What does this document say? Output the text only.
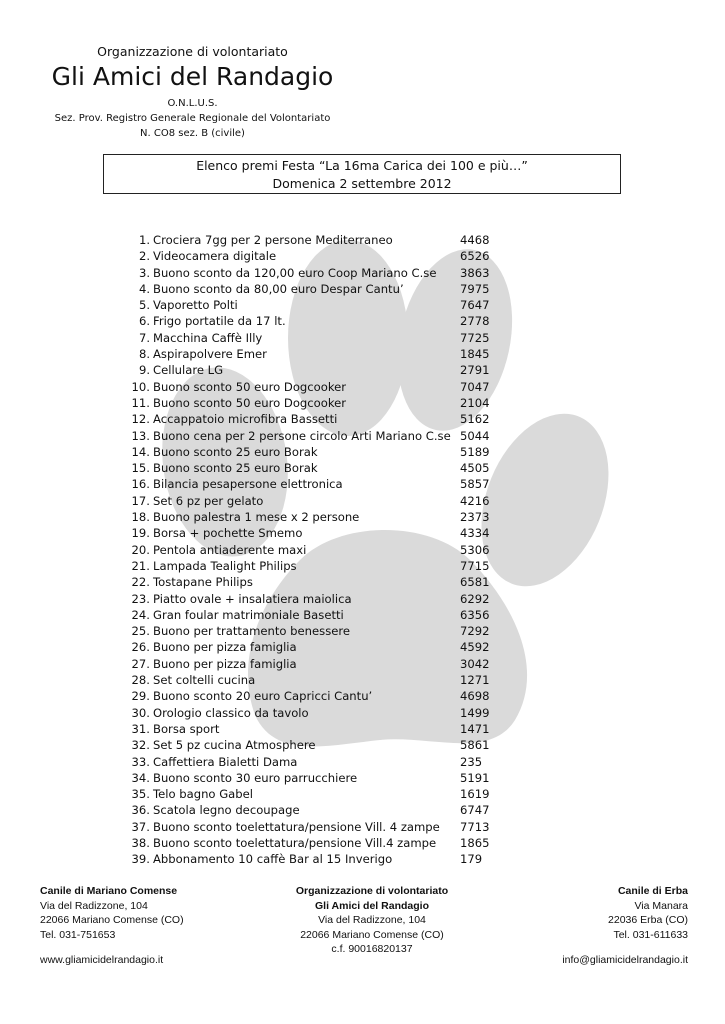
Organizzazione di volontariato
Gli Amici del Randagio
O.N.L.U.S.
Sez. Prov. Registro Generale Regionale del Volontariato
N. CO8 sez. B (civile)
Elenco premi Festa “La 16ma Carica dei 100 e più…”
Domenica 2 settembre 2012
1. Crociera 7gg per 2 persone Mediterraneo	4468
2. Videocamera digitale	6526
3. Buono sconto da 120,00 euro Coop Mariano C.se 3863
4. Buono sconto da 80,00 euro Despar Cantu’	7975
5. Vaporetto Polti	7647
6. Frigo portatile da 17 lt.	2778
7. Macchina Caffè Illy	7725
8. Aspirapolvere Emer	1845
9. Cellulare LG	2791
10. Buono sconto 50 euro Dogcooker	7047
11. Buono sconto 50 euro Dogcooker	2104
12. Accappatoio microfibra Bassetti	5162
13. Buono cena per 2 persone circolo Arti Mariano C.se 5044
14. Buono sconto 25 euro Borak	5189
15. Buono sconto 25 euro Borak	4505
16. Bilancia pesapersone elettronica	5857
17. Set 6 pz per gelato	4216
18. Buono palestra 1 mese x 2 persone	2373
19. Borsa + pochette Smemo	4334
20. Pentola antiaderente maxi	5306
21. Lampada Tealight Philips	7715
22. Tostapane Philips	6581
23. Piatto ovale + insalatiera maiolica	6292
24. Gran foular matrimoniale Basetti	6356
25. Buono per trattamento benessere	7292
26. Buono per pizza famiglia	4592
27. Buono per pizza famiglia	3042
28. Set coltelli cucina	1271
29. Buono sconto 20 euro Capricci Cantu’	4698
30. Orologio classico da tavolo	1499
31. Borsa sport	1471
32. Set 5 pz cucina Atmosphere	5861
33. Caffettiera Bialetti Dama	235
34. Buono sconto 30 euro parrucchiere	5191
35. Telo bagno Gabel	1619
36. Scatola legno decoupage	6747
37. Buono sconto toelettatura/pensione Vill. 4 zampe 7713
38. Buono sconto toelettatura/pensione Vill.4 zampe 1865
39. Abbonamento 10 caffè Bar al 15 Inverigo	179
Canile di Mariano Comense
Via del Radizzone, 104
22066 Mariano Comense (CO)
Tel. 031-751653
Organizzazione di volontariato
Gli Amici del Randagio
Via del Radizzone, 104
22066 Mariano Comense (CO)
c.f. 90016820137
Canile di Erba
Via Manara
22036 Erba (CO)
Tel. 031-611633
www.gliamicidelrandagio.it	info@gliamicidelrandagio.it
